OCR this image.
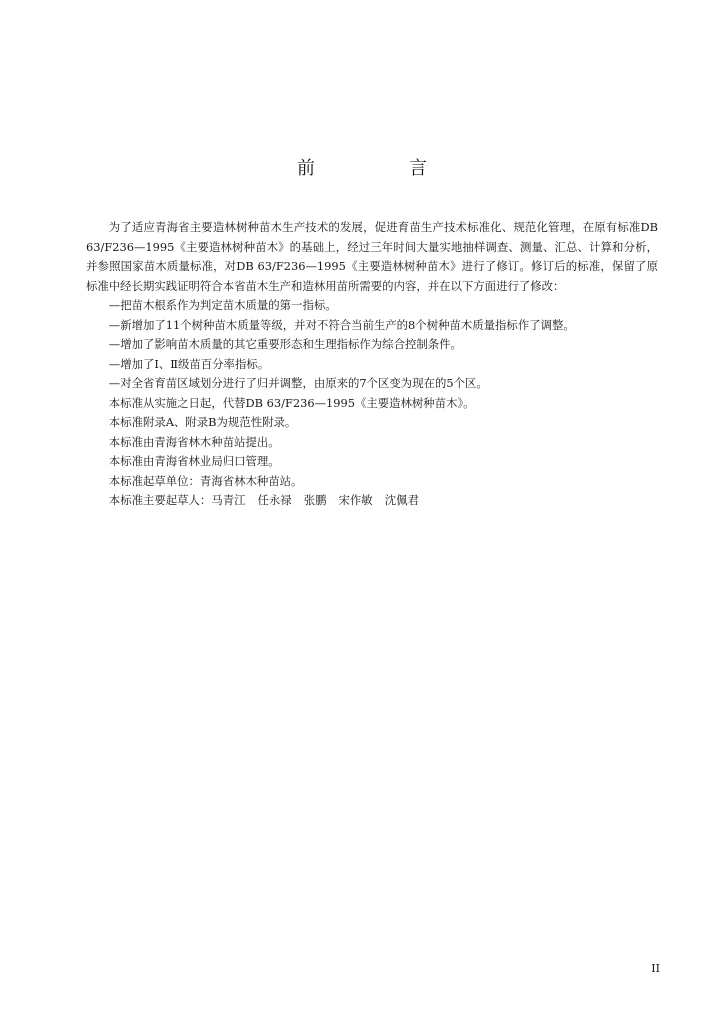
前　言

为了适应青海省主要造林树种苗木生产技术的发展，促进育苗生产技术标准化、规范化管理，在原有标准DB 63/F236—1995《主要造林树种苗木》的基础上，经过三年时间大量实地抽样调查、测量、汇总、计算和分析，并参照国家苗木质量标准，对DB 63/F236—1995《主要造林树种苗木》进行了修订。修订后的标准，保留了原标准中经长期实践证明符合本省苗木生产和造林用苗所需要的内容，并在以下方面进行了修改：

—把苗木根系作为判定苗木质量的第一指标。

—新增加了11个树种苗木质量等级，并对不符合当前生产的8个树种苗木质量指标作了调整。

—增加了影响苗木质量的其它重要形态和生理指标作为综合控制条件。

—增加了Ⅰ、Ⅱ级苗百分率指标。

—对全省育苗区域划分进行了归并调整，由原来的7个区变为现在的5个区。

本标准从实施之日起，代替DB 63/F236—1995《主要造林树种苗木》。

本标准附录A、附录B为规范性附录。

本标准由青海省林木种苗站提出。

本标准由青海省林业局归口管理。

本标准起草单位：青海省林木种苗站。

本标准主要起草人：马青江 任永禄 张鹏 宋作敏 沈佩君

II
